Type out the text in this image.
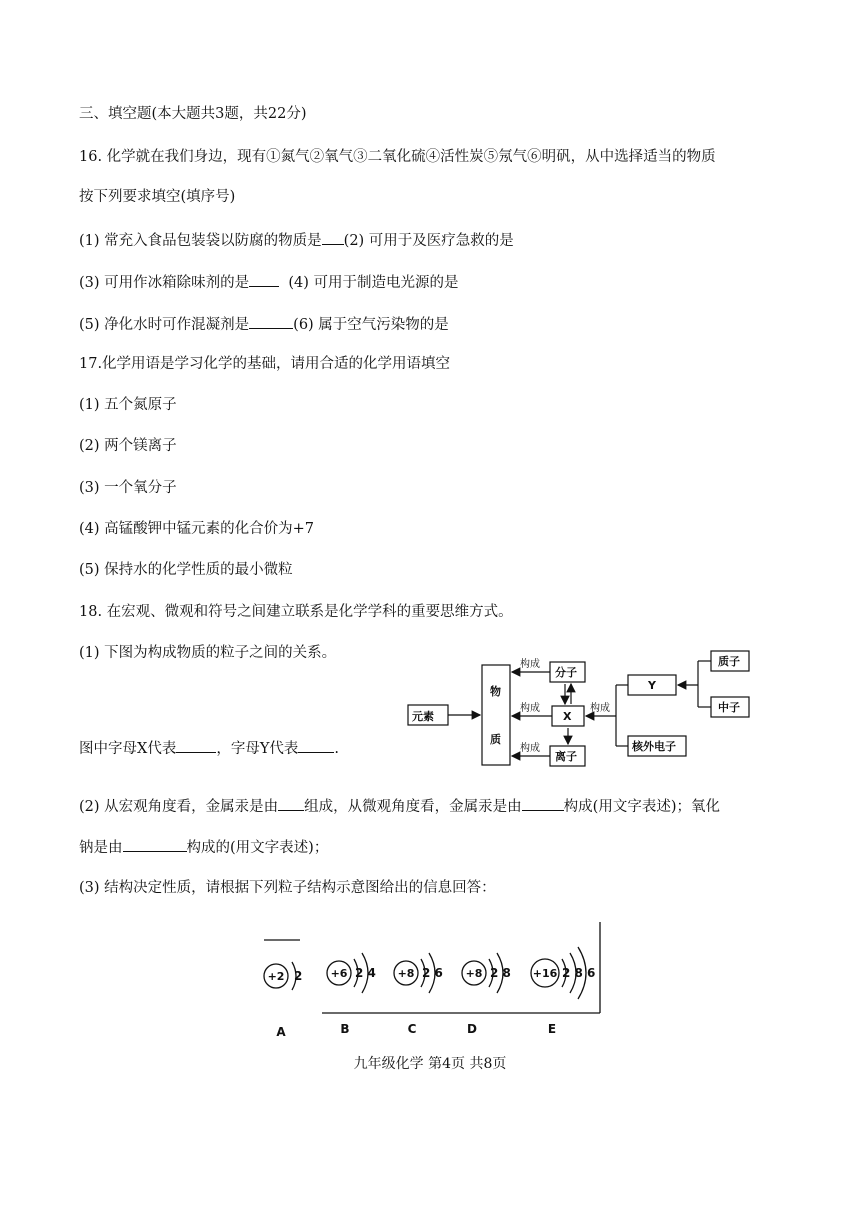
三、填空题(本大题共3题，共22分)
16. 化学就在我们身边，现有①氮气②氧气③二氧化硫④活性炭⑤氖气⑥明矾，从中选择适当的物质
按下列要求填空(填序号)
(1) 常充入食品包装袋以防腐的物质是 (2) 可用于及医疗急救的是
(3) 可用作冰箱除味剂的是	(4) 可用于制造电光源的是
(5) 净化水时可作混凝剂是	(6) 属于空气污染物的是
17.化学用语是学习化学的基础，请用合适的化学用语填空
(1) 五个氮原子
(2) 两个镁离子
(3) 一个氧分子
(4) 高锰酸钾中锰元素的化合价为+7
(5) 保持水的化学性质的最小微粒
18. 在宏观、微观和符号之间建立联系是化学学科的重要思维方式。
(1) 下图为构成物质的粒子之间的关系。
图中字母X代表	，字母Y代表 .
元素
物
质
分子
X
离子
Y
核外电子
质子
中子
构成
构成
构成
构成
(2) 从宏观角度看，金属汞是由 组成，从微观角度看，金属汞是由	构成(用文字表述)；氧化
钠是由	构成的(用文字表述)；
(3) 结构决定性质，请根据下列粒子结构示意图给出的信息回答：
+2	+6	+8	+8	+16
2	2 4	2 6	2 8	2 8 6
A	B	C	D	E
九年级化学 第4页 共8页
